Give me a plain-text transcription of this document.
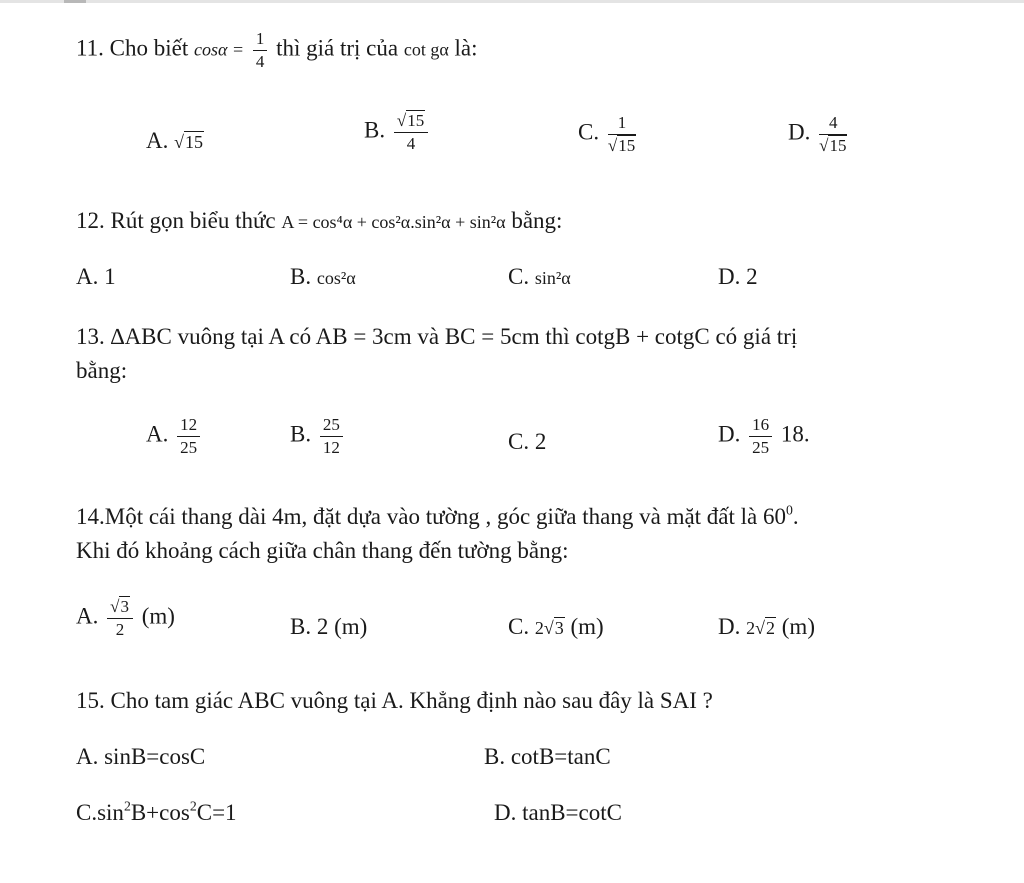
11. Cho biết $\cos\alpha = \frac{1}{4}$ thì giá trị của cot gα là:
A. √15	B. $\frac{√15}{4}$	C. $\frac{1}{√15}$	D. $\frac{4}{√15}$
12. Rút gọn biểu thức A = cos⁴α + cos²α.sin²α + sin²α bằng:
A. 1	B. cos²α	C. sin²α	D. 2
13. ∆ABC vuông tại A có AB = 3cm và BC = 5cm thì cotgB + cotgC có giá trị
bằng:
A. $\frac{12}{25}$	B. $\frac{25}{12}$	C. 2	D. $\frac{16}{25} 18$.
14.Một cái thang dài 4m, đặt dựa vào tường , góc giữa thang và mặt đất là $60^0$.
Khi đó khoảng cách giữa chân thang đến tường bằng:
A. $\frac{√3}{2} (m)$	B. 2 (m)	C. 2√3 (m)	D. 2√2 (m)
15. Cho tam giác ABC vuông tại A. Khẳng định nào sau đây là SAI ?
A. sinB=cosC	B. cotB=tanC
$C.\sin^2B+\cos^2C=1$	D. tanB=cotC
